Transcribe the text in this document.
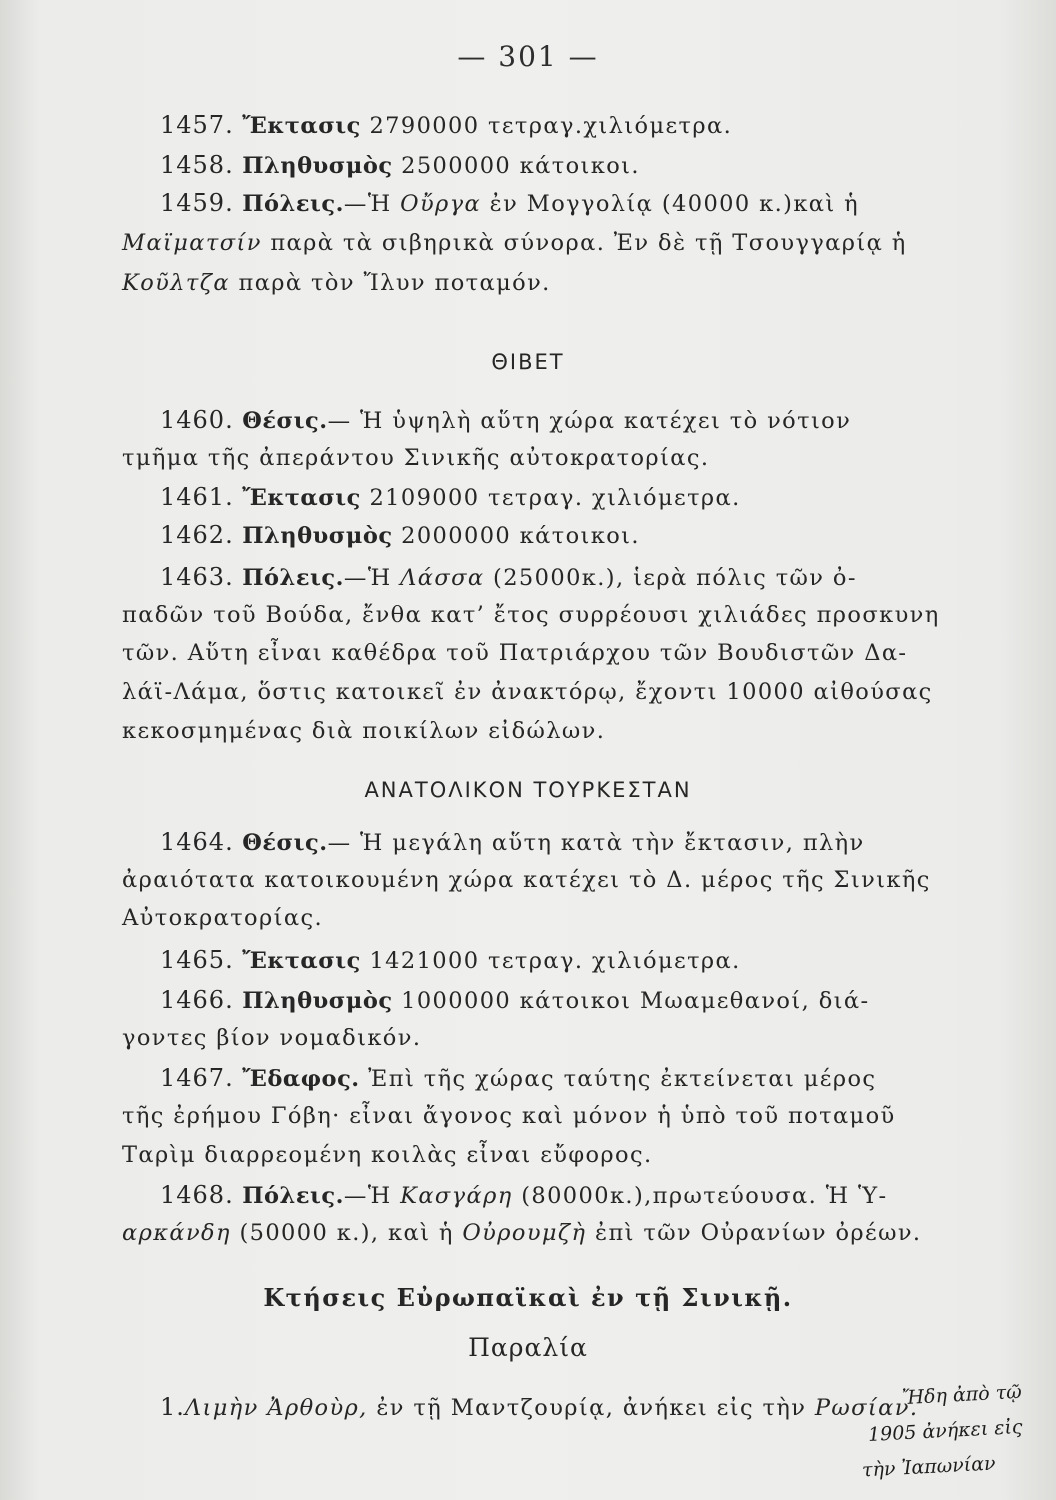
— 301 —
1457. Ἔκτασις 2790000 τετραγ.χιλιόμετρα.
1458. Πληθυσμὸς 2500000 κάτοικοι.
1459. Πόλεις.—Ἡ Οὔργα ἐν Μογγολίᾳ (40000 κ.)καὶ ἡ
Μαϊματσίν παρὰ τὰ σιβηρικὰ σύνορα. Ἐν δὲ τῇ Τσουγγαρίᾳ ἡ
Κοῦλτζα παρὰ τὸν Ἴλυν ποταμόν.
ΘΙΒΕΤ
1460. Θέσις.— Ἡ ὑψηλὴ αὕτη χώρα κατέχει τὸ νότιον
τμῆμα τῆς ἀπεράντου Σινικῆς αὐτοκρατορίας.
1461. Ἔκτασις 2109000 τετραγ. χιλιόμετρα.
1462. Πληθυσμὸς 2000000 κάτοικοι.
1463. Πόλεις.—Ἡ Λάσσα (25000κ.), ἱερὰ πόλις τῶν ὀ-
παδῶν τοῦ Βούδα, ἔνθα κατ’ ἔτος συρρέουσι χιλιάδες προσκυνη
τῶν. Αὕτη εἶναι καθέδρα τοῦ Πατριάρχου τῶν Βουδιστῶν Δα-
λάϊ-Λάμα, ὅστις κατοικεῖ ἐν ἀνακτόρῳ, ἔχοντι 10000 αἰθούσας
κεκοσμημένας διὰ ποικίλων εἰδώλων.
ΑΝΑΤΟΛΙΚΟΝ ΤΟΥΡΚΕΣΤΑΝ
1464. Θέσις.— Ἡ μεγάλη αὕτη κατὰ τὴν ἔκτασιν, πλὴν
ἀραιότατα κατοικουμένη χώρα κατέχει τὸ Δ. μέρος τῆς Σινικῆς
Αὐτοκρατορίας.
1465. Ἔκτασις 1421000 τετραγ. χιλιόμετρα.
1466. Πληθυσμὸς 1000000 κάτοικοι Μωαμεθανοί, διά-
γοντες βίον νομαδικόν.
1467. Ἔδαφος. Ἐπὶ τῆς χώρας ταύτης ἐκτείνεται μέρος
τῆς ἐρήμου Γόβη· εἶναι ἄγονος καὶ μόνον ἡ ὑπὸ τοῦ ποταμοῦ
Ταρὶμ διαρρεομένη κοιλὰς εἶναι εὔφορος.
1468. Πόλεις.—Ἡ Κασγάρη (80000κ.),πρωτεύουσα. Ἡ Ὑ-
αρκάνδη (50000 κ.), καὶ ἡ Οὐρουμζὴ ἐπὶ τῶν Οὐρανίων ὀρέων.
Κτήσεις Εὐρωπαϊκαὶ ἐν τῇ Σινικῇ.
Παραλία
1.Λιμὴν Ἀρθοὺρ, ἐν τῇ Μαντζουρίᾳ, ἀνήκει εἰς τὴν Ρωσίαν.
Ἤδη ἀπὸ τῷ
1905 ἀνήκει εἰς
τὴν Ἰαπωνίαν
